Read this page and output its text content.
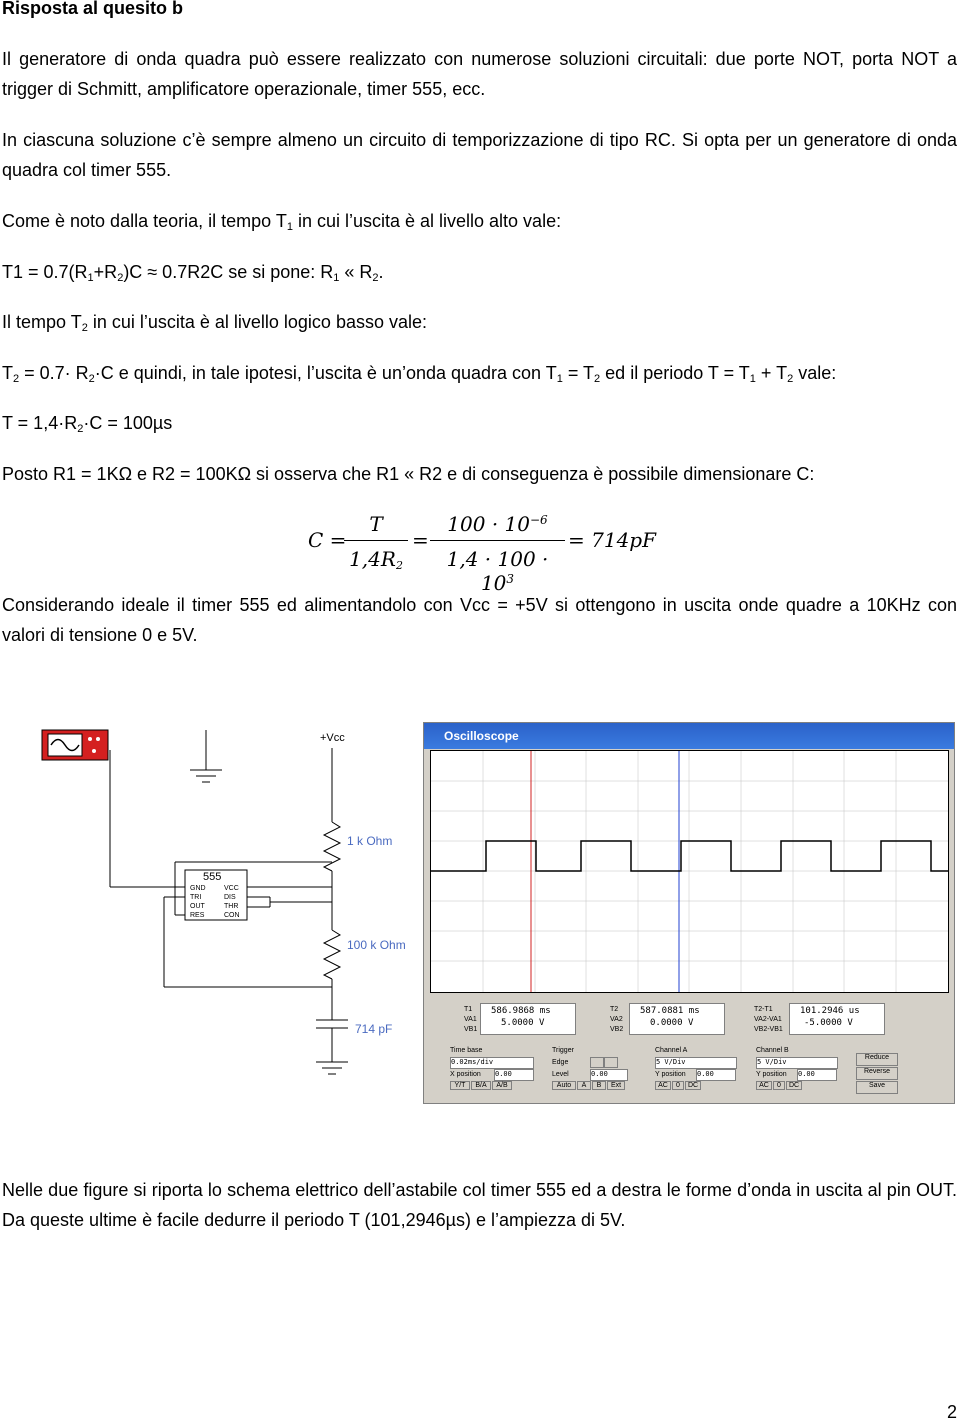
Risposta al quesito b
Il generatore di onda quadra può essere realizzato con numerose soluzioni circuitali: due porte NOT, porta NOT a trigger di Schmitt, amplificatore operazionale, timer 555, ecc.
In ciascuna soluzione c’è sempre almeno un circuito di temporizzazione di tipo RC. Si opta per un generatore di onda quadra col timer 555.
Come è noto dalla teoria, il tempo $T_1$ in cui l’uscita è al livello alto vale:
$T1 = 0.7(R_1+R_2)C \approx 0.7R2C$ se si pone: $R_1$ « $R_2$.
Il tempo $T_2$ in cui l’uscita è al livello logico basso vale:
$T_2 = 0.7\cdot R_2\cdot C$ e quindi, in tale ipotesi, l’uscita è un’onda quadra con $T_1 = T_2$ ed il periodo $T = T_1 + T_2$ vale:
$T = 1,4\cdot R_2\cdot C = 100\mu s$
Posto R1 = 1KΩ e R2 = 100KΩ si osserva che R1 « R2 e di conseguenza è possibile dimensionare C:
C =
$\frac{T}{1,4R_2} = \frac{100 \cdot 10^{-6}}{1,4 \cdot 100 \cdot 10^3} = 714pF$
Considerando ideale il timer 555 ed alimentandolo con Vcc = +5V si ottengono in uscita onde quadre a 10KHz con valori di tensione 0 e 5V.
+Vcc
1 k Ohm
100 k Ohm
714 pF
555
GND
TRI
OUT
RES
VCC
DIS
THR
CON
Oscilloscope
T1
VA1
VB1
586.9868 ms
5.0000 V
T2
VA2
VB2
587.0881 ms
0.0000 V
T2-T1
VA2-VA1
VB2-VB1
101.2946 us
-5.0000 V
Time base
0.02ms/div
X position 0.00
Y/T	B/A	A/B
Trigger
Edge
Level	0.00
Auto	A	B	Ext
Channel A
5 V/Div
Y position 0.00
AC	0	DC
Channel B
5 V/Div
Y position 0.00
AC	0	DC
Reduce
Reverse
Save
Nelle due figure si riporta lo schema elettrico dell’astabile col timer 555 ed a destra le forme d’onda in uscita al pin OUT. Da queste ultime è facile dedurre il periodo T (101,2946µs) e l’ampiezza di 5V.
2
